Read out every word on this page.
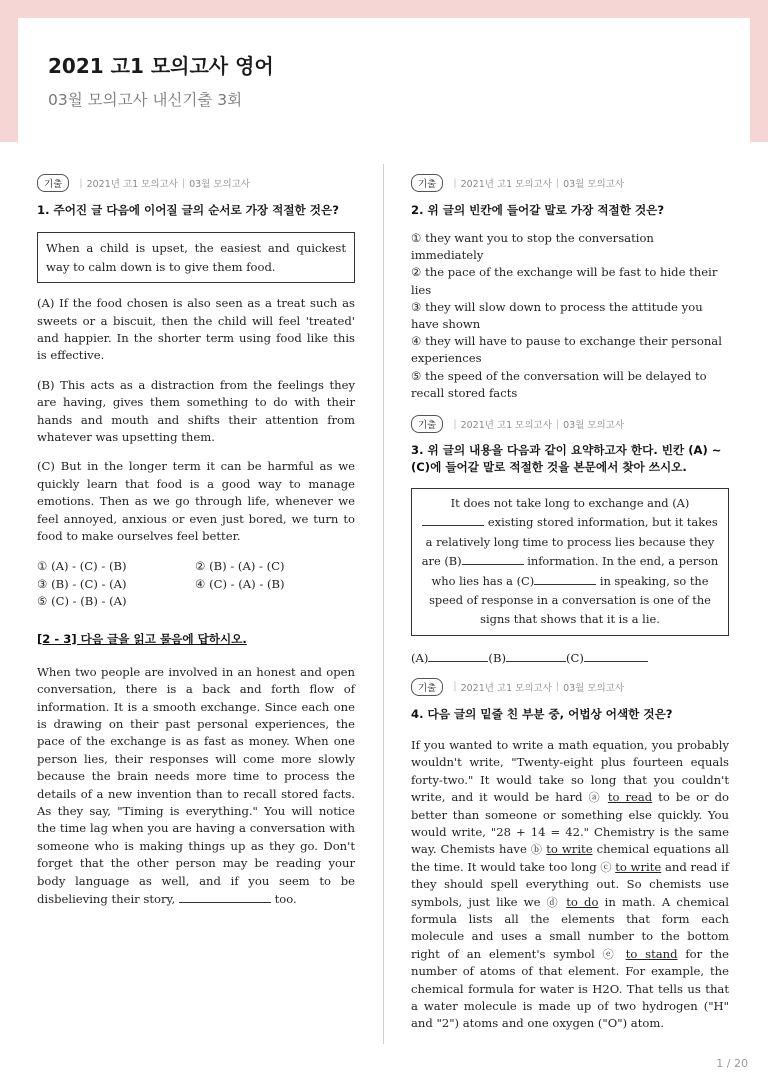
2021 고1 모의고사 영어
03월 모의고사 내신기출 3회
기출	| 2021년 고1 모의고사 | 03월 모의고사
1. 주어진 글 다음에 이어질 글의 순서로 가장 적절한 것은?
When a child is upset, the easiest and quickest way to calm down is to give them food.
(A) If the food chosen is also seen as a treat such as sweets or a biscuit, then the child will feel 'treated' and happier. In the shorter term using food like this is effective.
(B) This acts as a distraction from the feelings they are having, gives them something to do with their hands and mouth and shifts their attention from whatever was upsetting them.
(C) But in the longer term it can be harmful as we quickly learn that food is a good way to manage emotions. Then as we go through life, whenever we feel annoyed, anxious or even just bored, we turn to food to make ourselves feel better.
① (A) - (C) - (B)	② (B) - (A) - (C)
③ (B) - (C) - (A)	④ (C) - (A) - (B)
⑤ (C) - (B) - (A)
[2 - 3] 다음 글을 읽고 물음에 답하시오.
When two people are involved in an honest and open conversation, there is a back and forth flow of information. It is a smooth exchange. Since each one is drawing on their past personal experiences, the pace of the exchange is as fast as money. When one person lies, their responses will come more slowly because the brain needs more time to process the details of a new invention than to recall stored facts. As they say, "Timing is everything." You will notice the time lag when you are having a conversation with someone who is making things up as they go. Don't forget that the other person may be reading your body language as well, and if you seem to be disbelieving their story,	too.
기출	| 2021년 고1 모의고사 | 03월 모의고사
2. 위 글의 빈칸에 들어갈 말로 가장 적절한 것은?
① they want you to stop the conversation immediately
② the pace of the exchange will be fast to hide their lies
③ they will slow down to process the attitude you have shown
④ they will have to pause to exchange their personal experiences
⑤ the speed of the conversation will be delayed to recall stored facts
기출	| 2021년 고1 모의고사 | 03월 모의고사
3. 위 글의 내용을 다음과 같이 요약하고자 한다. 빈칸 (A) ~ (C)에 들어갈 말로 적절한 것을 본문에서 찾아 쓰시오.
It does not take long to exchange and (A) existing stored information, but it takes a relatively long time to process lies because they are (B)	information. In the end, a person who lies has a (C)	in speaking, so the speed of response in a conversation is one of the signs that shows that it is a lie.
(A)	(B)	(C)
기출	| 2021년 고1 모의고사 | 03월 모의고사
4. 다음 글의 밑줄 친 부분 중, 어법상 어색한 것은?
If you wanted to write a math equation, you probably wouldn't write, "Twenty-eight plus fourteen equals forty-two." It would take so long that you couldn't write, and it would be hard ⓐ to read to be or do better than someone or something else quickly. You would write, "28 + 14 = 42." Chemistry is the same way. Chemists have ⓑ to write chemical equations all the time. It would take too long ⓒ to write and read if they should spell everything out. So chemists use symbols, just like we ⓓ to do in math. A chemical formula lists all the elements that form each molecule and uses a small number to the bottom right of an element's symbol ⓔ to stand for the number of atoms of that element. For example, the chemical formula for water is H2O. That tells us that a water molecule is made up of two hydrogen ("H" and "2") atoms and one oxygen ("O") atom.
1 / 20
